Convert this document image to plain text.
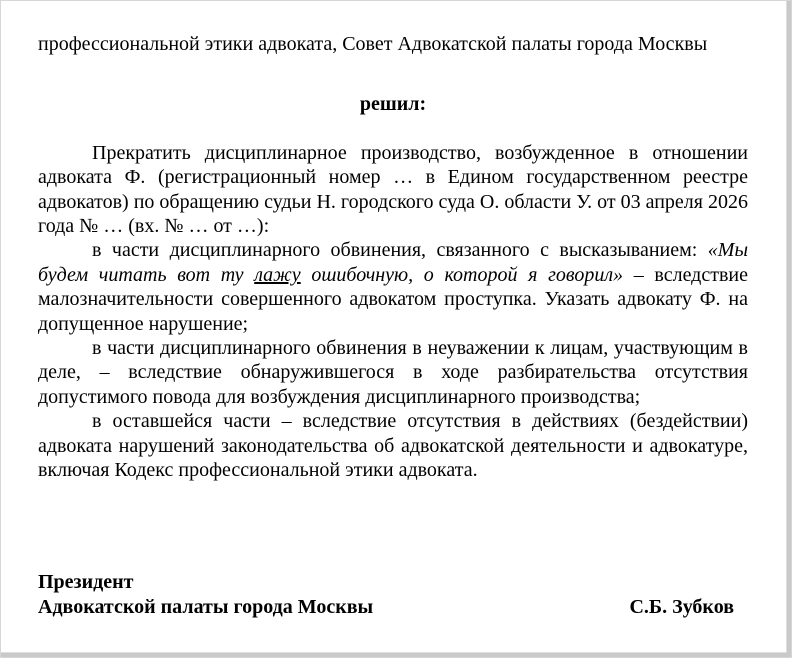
профессиональной этики адвоката, Совет Адвокатской палаты города Москвы

решил:

Прекратить дисциплинарное производство, возбужденное в отношении адвоката Ф. (регистрационный номер … в Едином государственном реестре адвокатов) по обращению судьи Н. городского суда О. области У. от 03 апреля 2026 года № … (вх. № … от …):

в части дисциплинарного обвинения, связанного с высказыванием: «Мы будем читать вот ту лажу ошибочную, о которой я говорил» – вследствие малозначительности совершенного адвокатом проступка. Указать адвокату Ф. на допущенное нарушение;

в части дисциплинарного обвинения в неуважении к лицам, участвующим в деле, – вследствие обнаружившегося в ходе разбирательства отсутствия допустимого повода для возбуждения дисциплинарного производства;

в оставшейся части – вследствие отсутствия в действиях (бездействии) адвоката нарушений законодательства об адвокатской деятельности и адвокатуре, включая Кодекс профессиональной этики адвоката.

Президент
Адвокатской палаты города Москвы	С.Б. Зубков
